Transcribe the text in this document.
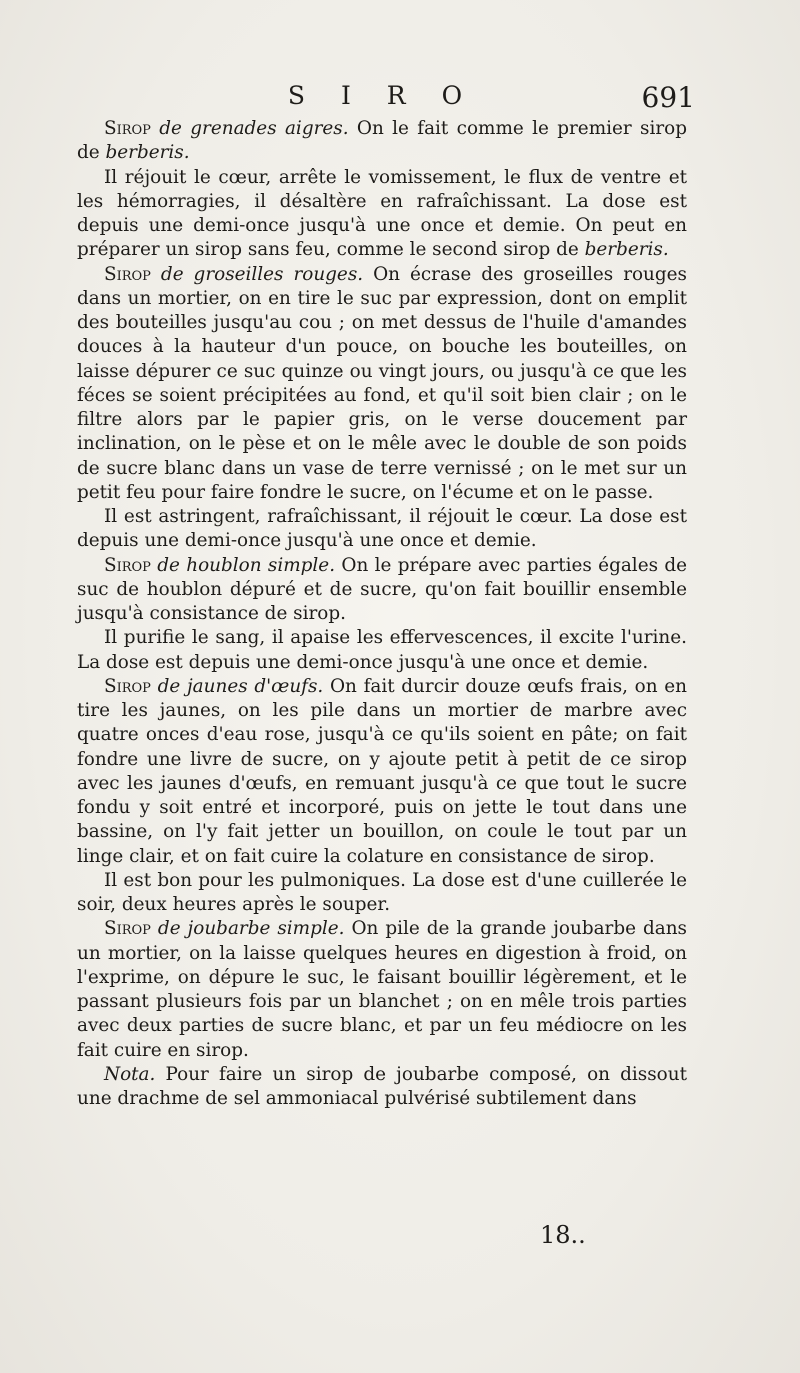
S I R O	691

Sirop de grenades aigres. On le fait comme le premier sirop de berberis.

Il réjouit le cœur, arrête le vomissement, le flux de ventre et les hémorragies, il désaltère en rafraîchissant. La dose est depuis une demi-once jusqu'à une once et demie. On peut en préparer un sirop sans feu, comme le second sirop de berberis.

Sirop de groseilles rouges. On écrase des groseilles rouges dans un mortier, on en tire le suc par expression, dont on emplit des bouteilles jusqu'au cou ; on met dessus de l'huile d'amandes douces à la hauteur d'un pouce, on bouche les bouteilles, on laisse dépurer ce suc quinze ou vingt jours, ou jusqu'à ce que les féces se soient précipitées au fond, et qu'il soit bien clair ; on le filtre alors par le papier gris, on le verse doucement par inclination, on le pèse et on le mêle avec le double de son poids de sucre blanc dans un vase de terre vernissé ; on le met sur un petit feu pour faire fondre le sucre, on l'écume et on le passe.

Il est astringent, rafraîchissant, il réjouit le cœur. La dose est depuis une demi-once jusqu'à une once et demie.

Sirop de houblon simple. On le prépare avec parties égales de suc de houblon dépuré et de sucre, qu'on fait bouillir ensemble jusqu'à consistance de sirop.

Il purifie le sang, il apaise les effervescences, il excite l'urine. La dose est depuis une demi-once jusqu'à une once et demie.

Sirop de jaunes d'œufs. On fait durcir douze œufs frais, on en tire les jaunes, on les pile dans un mortier de marbre avec quatre onces d'eau rose, jusqu'à ce qu'ils soient en pâte; on fait fondre une livre de sucre, on y ajoute petit à petit de ce sirop avec les jaunes d'œufs, en remuant jusqu'à ce que tout le sucre fondu y soit entré et incorporé, puis on jette le tout dans une bassine, on l'y fait jetter un bouillon, on coule le tout par un linge clair, et on fait cuire la colature en consistance de sirop.

Il est bon pour les pulmoniques. La dose est d'une cuillerée le soir, deux heures après le souper.

Sirop de joubarbe simple. On pile de la grande joubarbe dans un mortier, on la laisse quelques heures en digestion à froid, on l'exprime, on dépure le suc, le faisant bouillir légèrement, et le passant plusieurs fois par un blanchet ; on en mêle trois parties avec deux parties de sucre blanc, et par un feu médiocre on les fait cuire en sirop.

Nota. Pour faire un sirop de joubarbe composé, on dissout une drachme de sel ammoniacal pulvérisé subtilement dans

18..
